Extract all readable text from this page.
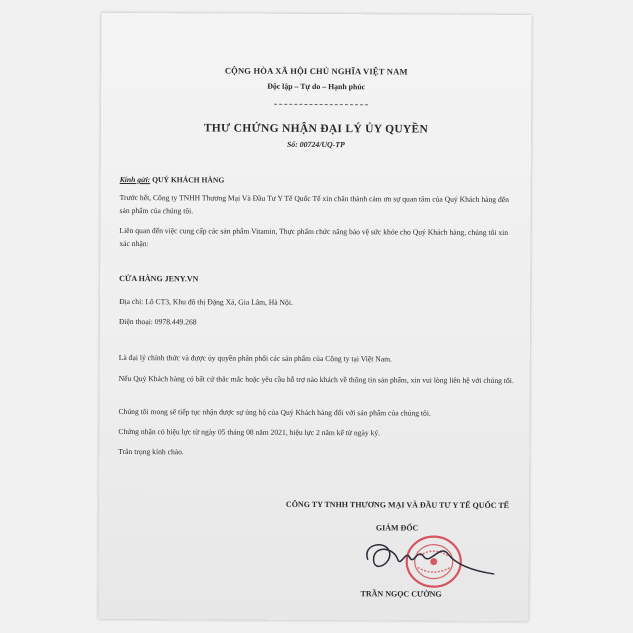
CỘNG HÒA XÃ HỘI CHỦ NGHĨA VIỆT NAM
Độc lập – Tự do – Hạnh phúc
THƯ CHỨNG NHẬN ĐẠI LÝ ỦY QUYỀN
Số: 00724/UQ-TP
Kính gửi: QUÝ KHÁCH HÀNG
Trước hết, Công ty TNHH Thương Mại Và Đầu Tư Y Tế Quốc Tế xin chân thành cảm ơn sự quan tâm của Quý Khách hàng đến sản phẩm của chúng tôi.
Liên quan đến việc cung cấp các sản phẩm Vitamin, Thực phẩm chức năng bảo vệ sức khỏe cho Quý Khách hàng, chúng tôi xin xác nhận:
CỬA HÀNG JENY.VN
Địa chỉ: Lô CT3, Khu đô thị Đặng Xá, Gia Lâm, Hà Nội.
Điện thoại: 0978.449.268
Là đại lý chính thức và được ủy quyền phân phối các sản phẩm của Công ty tại Việt Nam.
Nếu Quý Khách hàng có bất cứ thắc mắc hoặc yêu cầu hỗ trợ nào khách về thông tin sản phẩm, xin vui lòng liên hệ với chúng tôi.
Chúng tôi mong sẽ tiếp tục nhận được sự ủng hộ của Quý Khách hàng đối với sản phẩm của chúng tôi.
Chứng nhận có hiệu lực từ ngày 05 tháng 08 năm 2021, hiệu lực 2 năm kể từ ngày ký.
Trân trọng kính chào.
CÔNG TY TNHH THƯƠNG MẠI VÀ ĐẦU TƯ Y TẾ QUỐC TẾ
GIÁM ĐỐC
TRẦN NGỌC CƯỜNG
